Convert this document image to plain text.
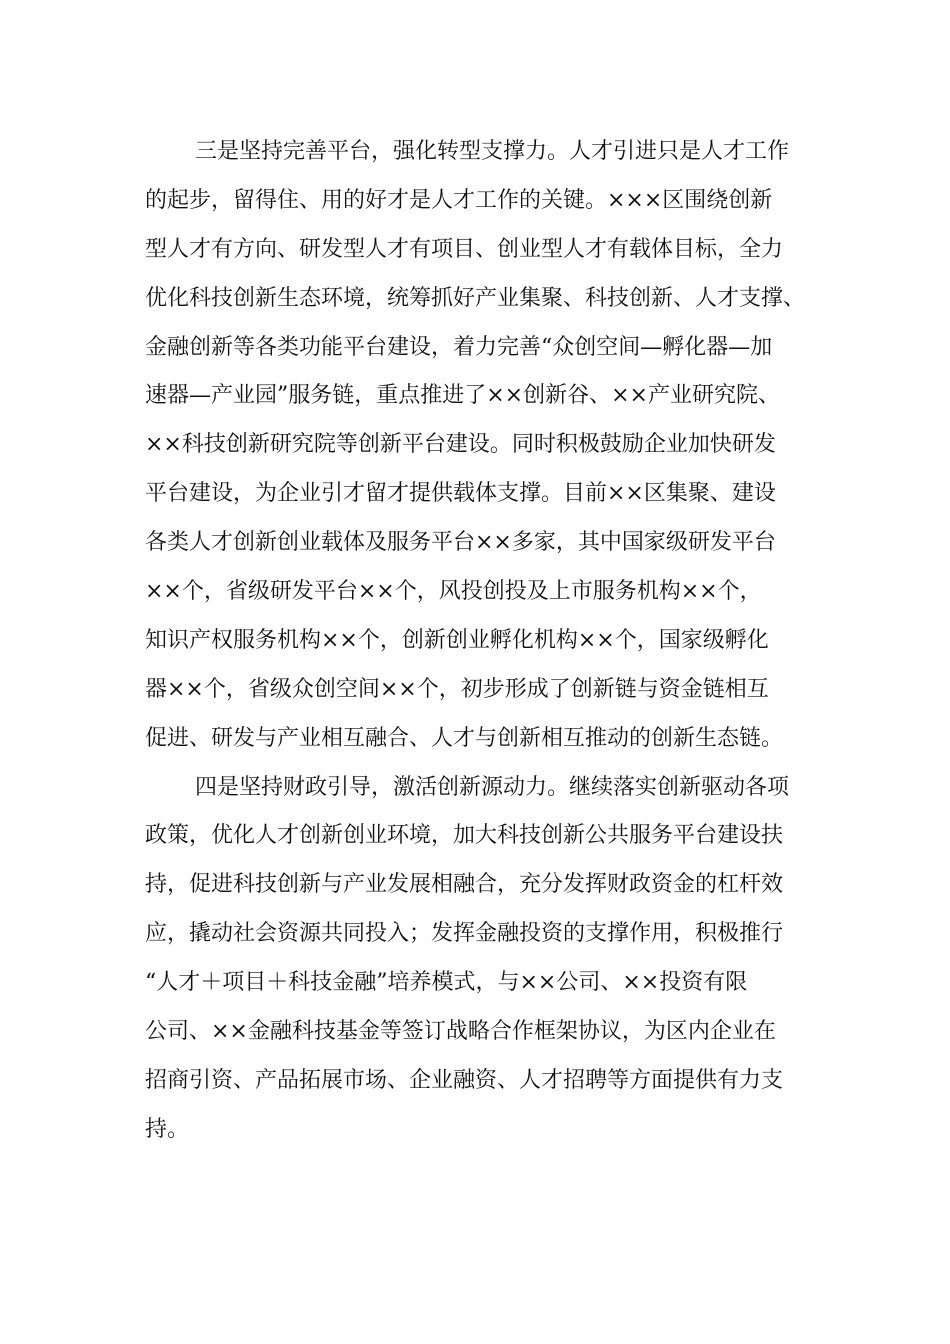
三是坚持完善平台，强化转型支撑力。人才引进只是人才工作
的起步，留得住、用的好才是人才工作的关键。×××区围绕创新
型人才有方向、研发型人才有项目、创业型人才有载体目标，全力
优化科技创新生态环境，统筹抓好产业集聚、科技创新、人才支撑、
金融创新等各类功能平台建设，着力完善“众创空间—孵化器—加
速器—产业园”服务链，重点推进了××创新谷、××产业研究院、
××科技创新研究院等创新平台建设。同时积极鼓励企业加快研发
平台建设，为企业引才留才提供载体支撑。目前××区集聚、建设
各类人才创新创业载体及服务平台××多家，其中国家级研发平台
××个，省级研发平台××个，风投创投及上市服务机构××个，
知识产权服务机构××个，创新创业孵化机构××个，国家级孵化
器××个，省级众创空间××个，初步形成了创新链与资金链相互
促进、研发与产业相互融合、人才与创新相互推动的创新生态链。
四是坚持财政引导，激活创新源动力。继续落实创新驱动各项
政策，优化人才创新创业环境，加大科技创新公共服务平台建设扶
持，促进科技创新与产业发展相融合，充分发挥财政资金的杠杆效
应，撬动社会资源共同投入；发挥金融投资的支撑作用，积极推行
“人才＋项目＋科技金融”培养模式，与××公司、××投资有限
公司、××金融科技基金等签订战略合作框架协议，为区内企业在
招商引资、产品拓展市场、企业融资、人才招聘等方面提供有力支
持。
